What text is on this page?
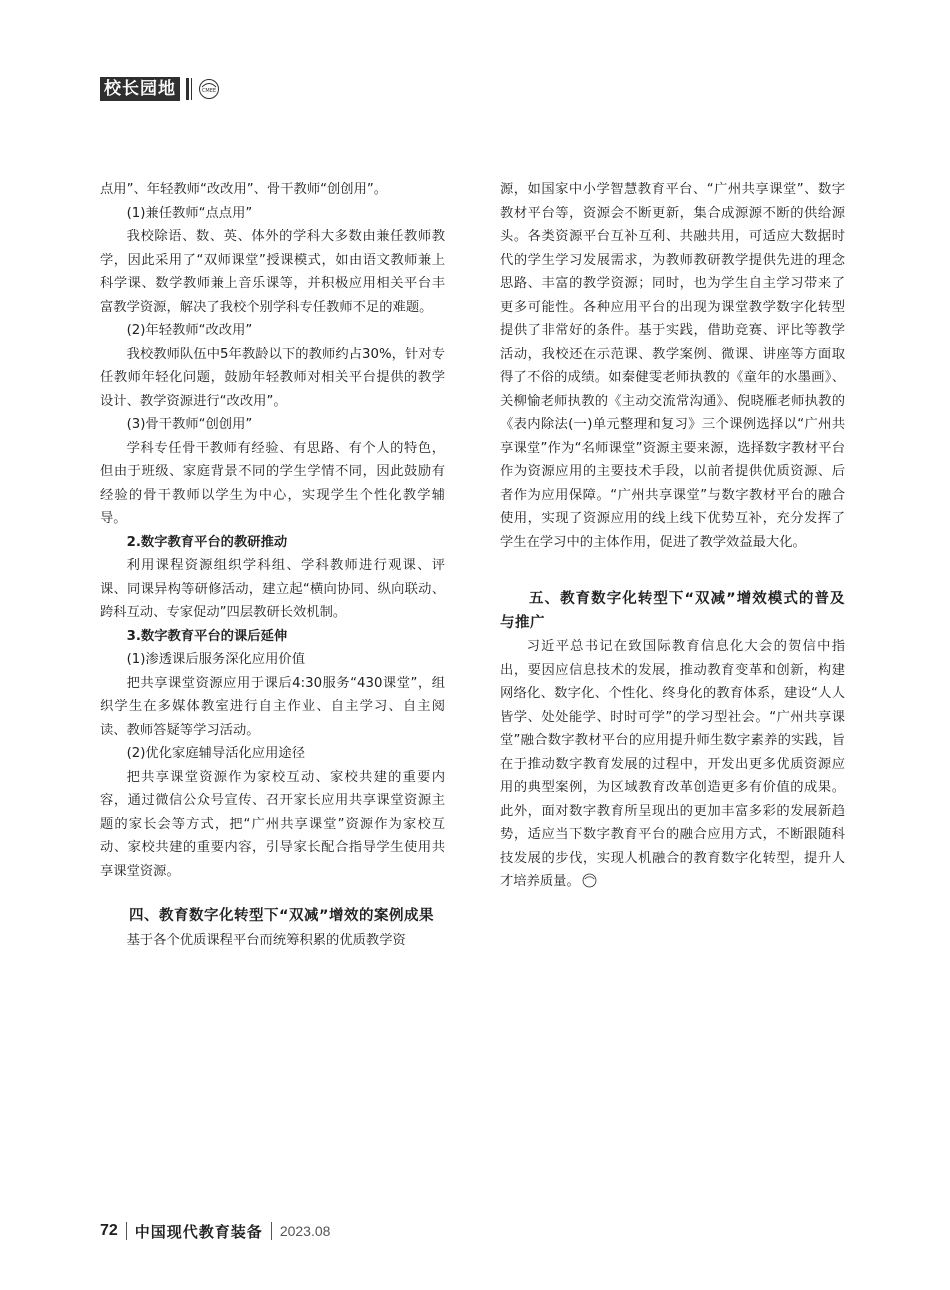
校长园地	CMEE

点用”、年轻教师“改改用”、骨干教师“创创用”。

(1)兼任教师“点点用”

我校除语、数、英、体外的学科大多数由兼任教师教学，因此采用了“双师课堂”授课模式，如由语文教师兼上科学课、数学教师兼上音乐课等，并积极应用相关平台丰富教学资源，解决了我校个别学科专任教师不足的难题。

(2)年轻教师“改改用”

我校教师队伍中5年教龄以下的教师约占30%，针对专任教师年轻化问题，鼓励年轻教师对相关平台提供的教学设计、教学资源进行“改改用”。

(3)骨干教师“创创用”

学科专任骨干教师有经验、有思路、有个人的特色，但由于班级、家庭背景不同的学生学情不同，因此鼓励有经验的骨干教师以学生为中心，实现学生个性化教学辅导。

2.数字教育平台的教研推动

利用课程资源组织学科组、学科教师进行观课、评课、同课异构等研修活动，建立起“横向协同、纵向联动、跨科互动、专家促动”四层教研长效机制。

3.数字教育平台的课后延伸

(1)渗透课后服务深化应用价值

把共享课堂资源应用于课后4:30服务“430课堂”，组织学生在多媒体教室进行自主作业、自主学习、自主阅读、教师答疑等学习活动。

(2)优化家庭辅导活化应用途径

把共享课堂资源作为家校互动、家校共建的重要内容，通过微信公众号宣传、召开家长应用共享课堂资源主题的家长会等方式，把“广州共享课堂”资源作为家校互动、家校共建的重要内容，引导家长配合指导学生使用共享课堂资源。

四、教育数字化转型下“双减”增效的案例成果

基于各个优质课程平台而统筹积累的优质教学资

源，如国家中小学智慧教育平台、“广州共享课堂”、数字教材平台等，资源会不断更新，集合成源源不断的供给源头。各类资源平台互补互利、共融共用，可适应大数据时代的学生学习发展需求，为教师教研教学提供先进的理念思路、丰富的教学资源；同时，也为学生自主学习带来了更多可能性。各种应用平台的出现为课堂教学数字化转型提供了非常好的条件。基于实践，借助竞赛、评比等教学活动，我校还在示范课、教学案例、微课、讲座等方面取得了不俗的成绩。如秦健雯老师执教的《童年的水墨画》、关柳愉老师执教的《主动交流常沟通》、倪晓雁老师执教的《表内除法(一)单元整理和复习》三个课例选择以“广州共享课堂”作为“名师课堂”资源主要来源，选择数字教材平台作为资源应用的主要技术手段，以前者提供优质资源、后者作为应用保障。“广州共享课堂”与数字教材平台的融合使用，实现了资源应用的线上线下优势互补，充分发挥了学生在学习中的主体作用，促进了教学效益最大化。

五、教育数字化转型下“双减”增效模式的普及与推广

习近平总书记在致国际教育信息化大会的贺信中指出，要因应信息技术的发展，推动教育变革和创新，构建网络化、数字化、个性化、终身化的教育体系，建设“人人皆学、处处能学、时时可学”的学习型社会。“广州共享课堂”融合数字教材平台的应用提升师生数字素养的实践，旨在于推动数字教育发展的过程中，开发出更多优质资源应用的典型案例，为区域教育改革创造更多有价值的成果。此外，面对数字教育所呈现出的更加丰富多彩的发展新趋势，适应当下数字教育平台的融合应用方式，不断跟随科技发展的步伐，实现人机融合的教育数字化转型，提升人才培养质量。

72 中国现代教育装备 2023.08
